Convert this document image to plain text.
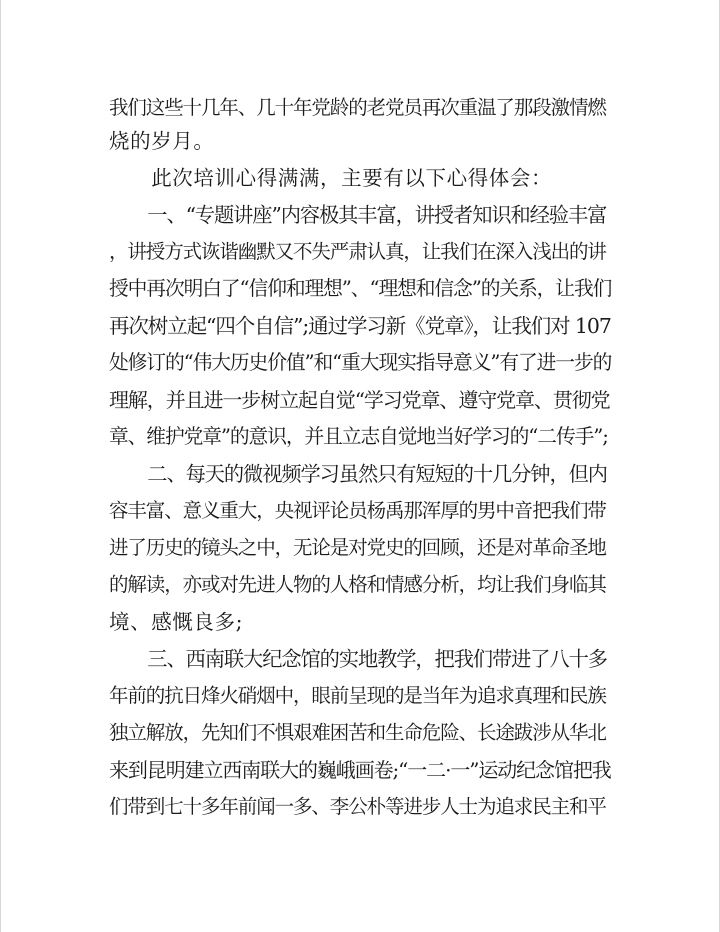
我们这些十几年、几十年党龄的老党员再次重温了那段激情燃
烧的岁月。
　　此次培训心得满满，主要有以下心得体会：
　　一、“专题讲座”内容极其丰富，讲授者知识和经验丰富
，讲授方式诙谐幽默又不失严肃认真，让我们在深入浅出的讲
授中再次明白了“信仰和理想”、“理想和信念”的关系，让我们
再次树立起“四个自信”;通过学习新《党章》，让我们对 107
处修订的“伟大历史价值”和“重大现实指导意义”有了进一步的
理解，并且进一步树立起自觉“学习党章、遵守党章、贯彻党
章、维护党章”的意识，并且立志自觉地当好学习的“二传手”;
　　二、每天的微视频学习虽然只有短短的十几分钟，但内
容丰富、意义重大，央视评论员杨禹那浑厚的男中音把我们带
进了历史的镜头之中，无论是对党史的回顾，还是对革命圣地
的解读，亦或对先进人物的人格和情感分析，均让我们身临其
境、感慨良多;
　　三、西南联大纪念馆的实地教学，把我们带进了八十多
年前的抗日烽火硝烟中，眼前呈现的是当年为追求真理和民族
独立解放，先知们不惧艰难困苦和生命危险、长途跋涉从华北
来到昆明建立西南联大的巍峨画卷;“一二·一”运动纪念馆把我
们带到七十多年前闻一多、李公朴等进步人士为追求民主和平
